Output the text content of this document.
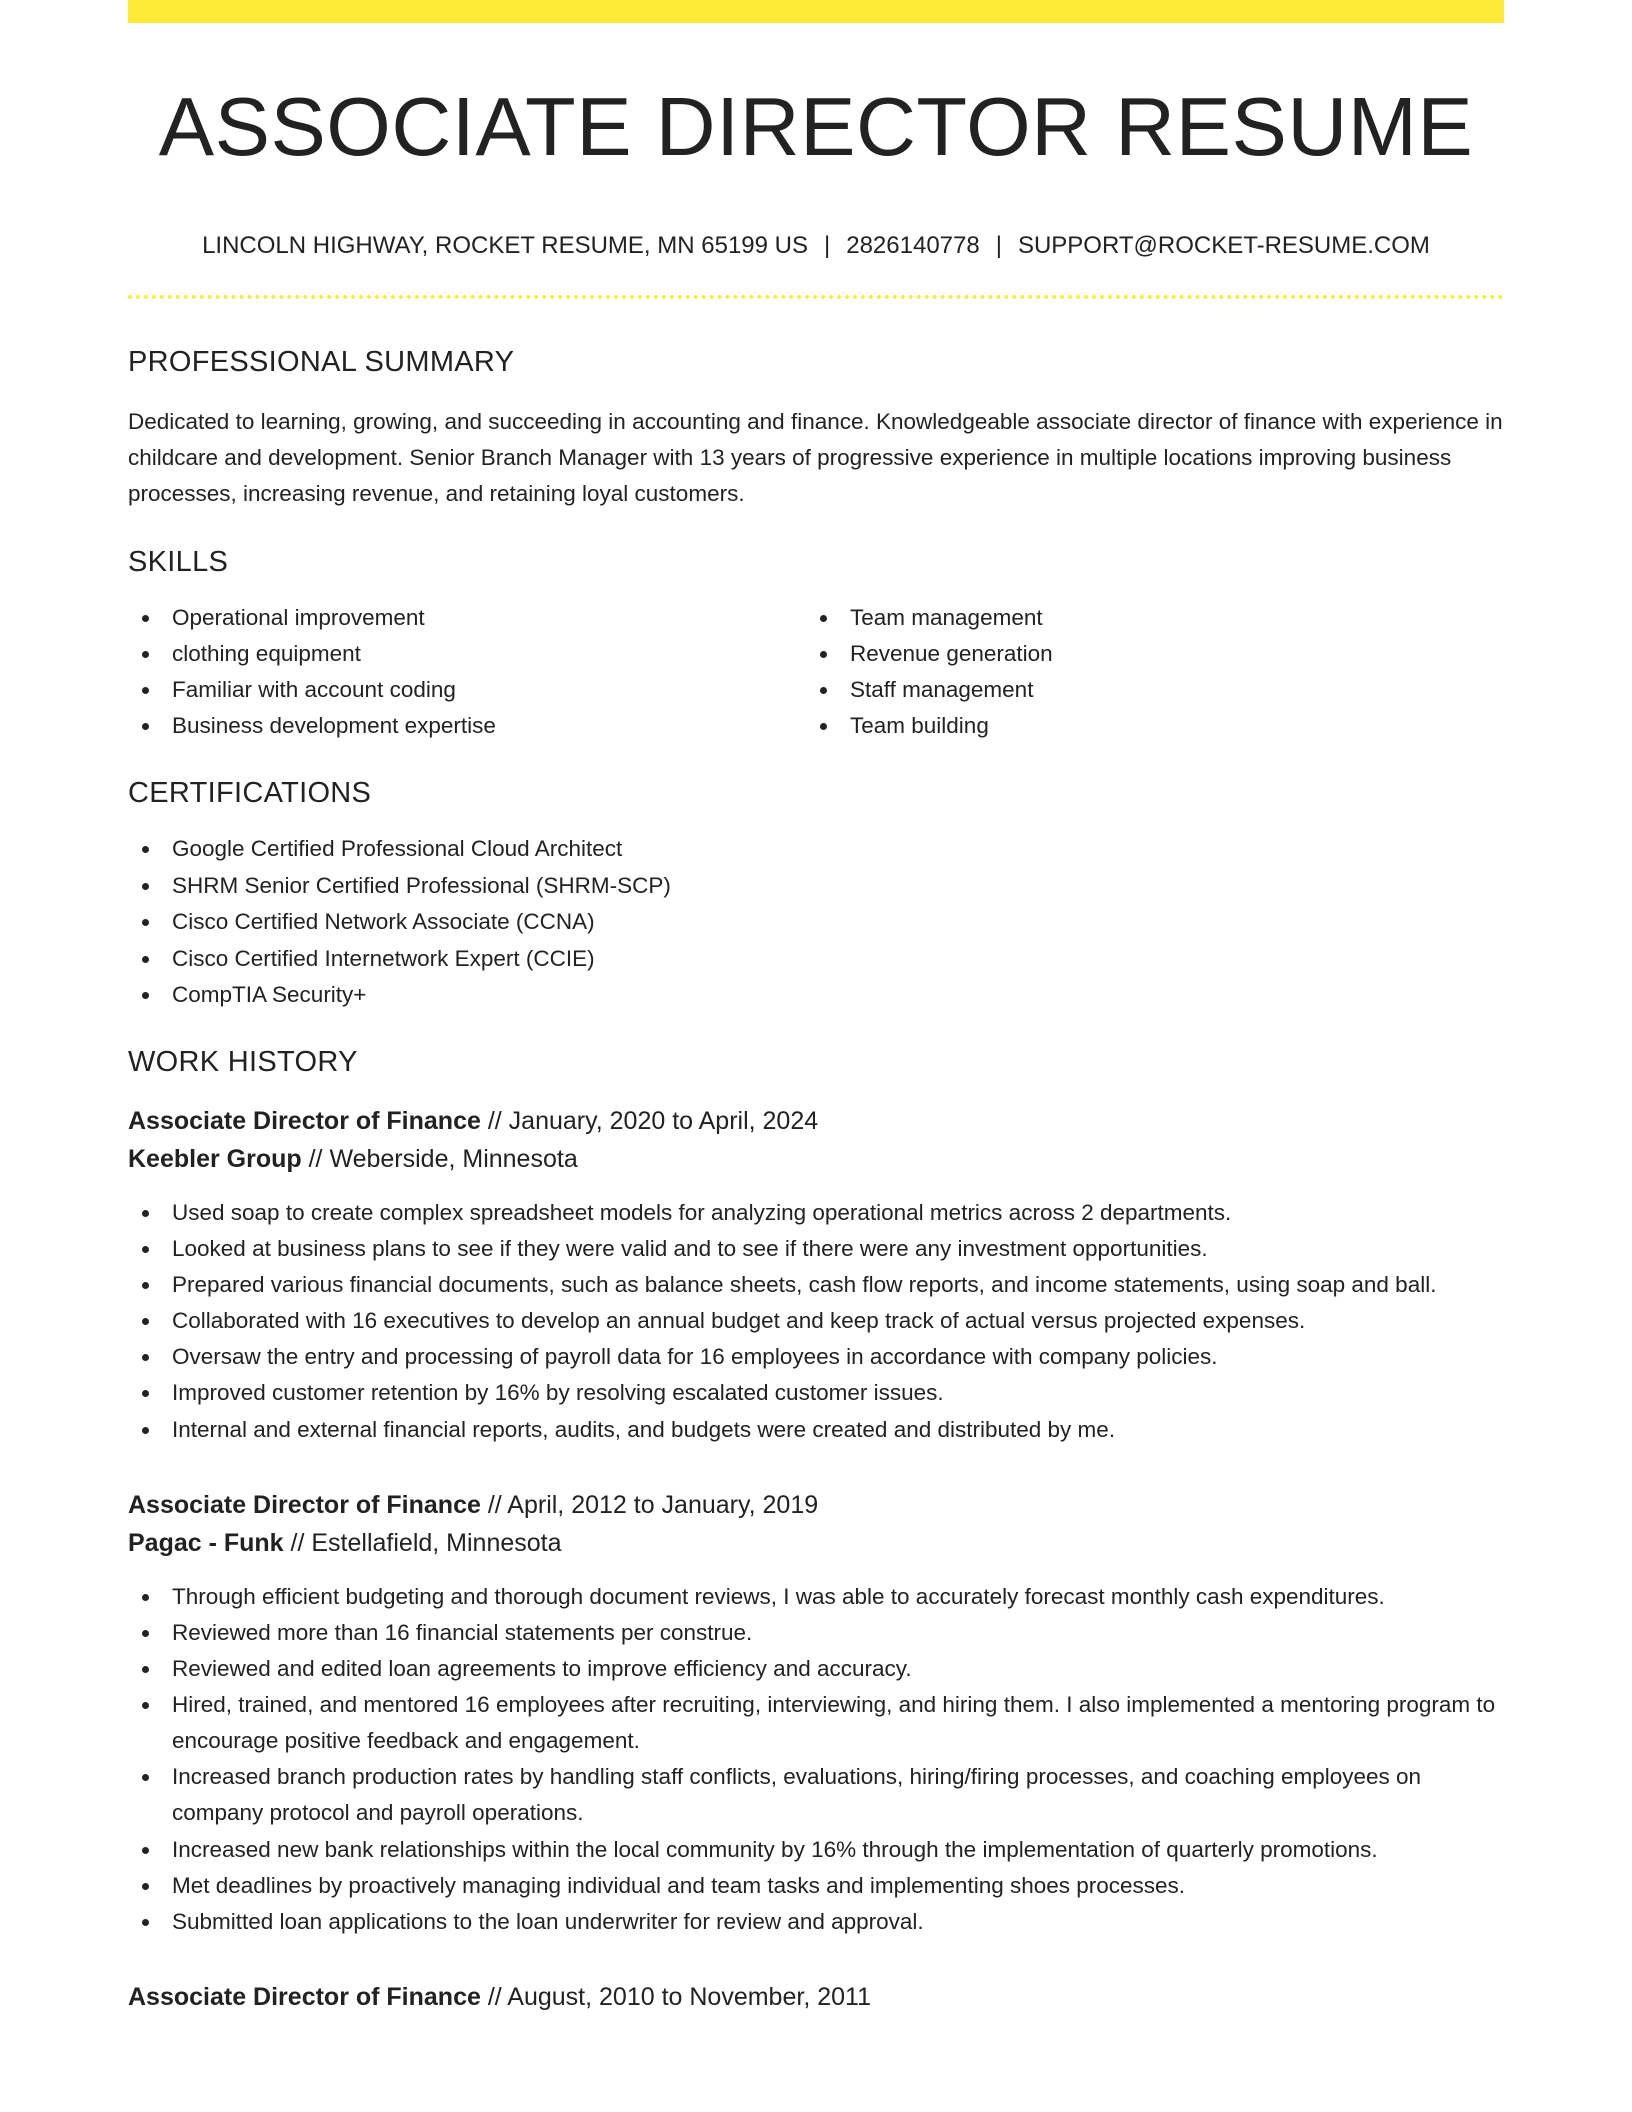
ASSOCIATE DIRECTOR RESUME
LINCOLN HIGHWAY, ROCKET RESUME, MN 65199 US | 2826140778 | SUPPORT@ROCKET-RESUME.COM
PROFESSIONAL SUMMARY

Dedicated to learning, growing, and succeeding in accounting and finance. Knowledgeable associate director of finance with experience in childcare and development. Senior Branch Manager with 13 years of progressive experience in multiple locations improving business processes, increasing revenue, and retaining loyal customers.

SKILLS
Operational improvement
clothing equipment
Familiar with account coding
Business development expertise
Team management
Revenue generation
Staff management
Team building
CERTIFICATIONS
Google Certified Professional Cloud Architect
SHRM Senior Certified Professional (SHRM-SCP)
Cisco Certified Network Associate (CCNA)
Cisco Certified Internetwork Expert (CCIE)
CompTIA Security+
WORK HISTORY
Associate Director of Finance // January, 2020 to April, 2024
Keebler Group // Weberside, Minnesota
Used soap to create complex spreadsheet models for analyzing operational metrics across 2 departments.
Looked at business plans to see if they were valid and to see if there were any investment opportunities.
Prepared various financial documents, such as balance sheets, cash flow reports, and income statements, using soap and ball.
Collaborated with 16 executives to develop an annual budget and keep track of actual versus projected expenses.
Oversaw the entry and processing of payroll data for 16 employees in accordance with company policies.
Improved customer retention by 16% by resolving escalated customer issues.
Internal and external financial reports, audits, and budgets were created and distributed by me.
Associate Director of Finance // April, 2012 to January, 2019
Pagac - Funk // Estellafield, Minnesota
Through efficient budgeting and thorough document reviews, I was able to accurately forecast monthly cash expenditures.
Reviewed more than 16 financial statements per construe.
Reviewed and edited loan agreements to improve efficiency and accuracy.
Hired, trained, and mentored 16 employees after recruiting, interviewing, and hiring them. I also implemented a mentoring program to encourage positive feedback and engagement.
Increased branch production rates by handling staff conflicts, evaluations, hiring/firing processes, and coaching employees on company protocol and payroll operations.
Increased new bank relationships within the local community by 16% through the implementation of quarterly promotions.
Met deadlines by proactively managing individual and team tasks and implementing shoes processes.
Submitted loan applications to the loan underwriter for review and approval.
Associate Director of Finance // August, 2010 to November, 2011
